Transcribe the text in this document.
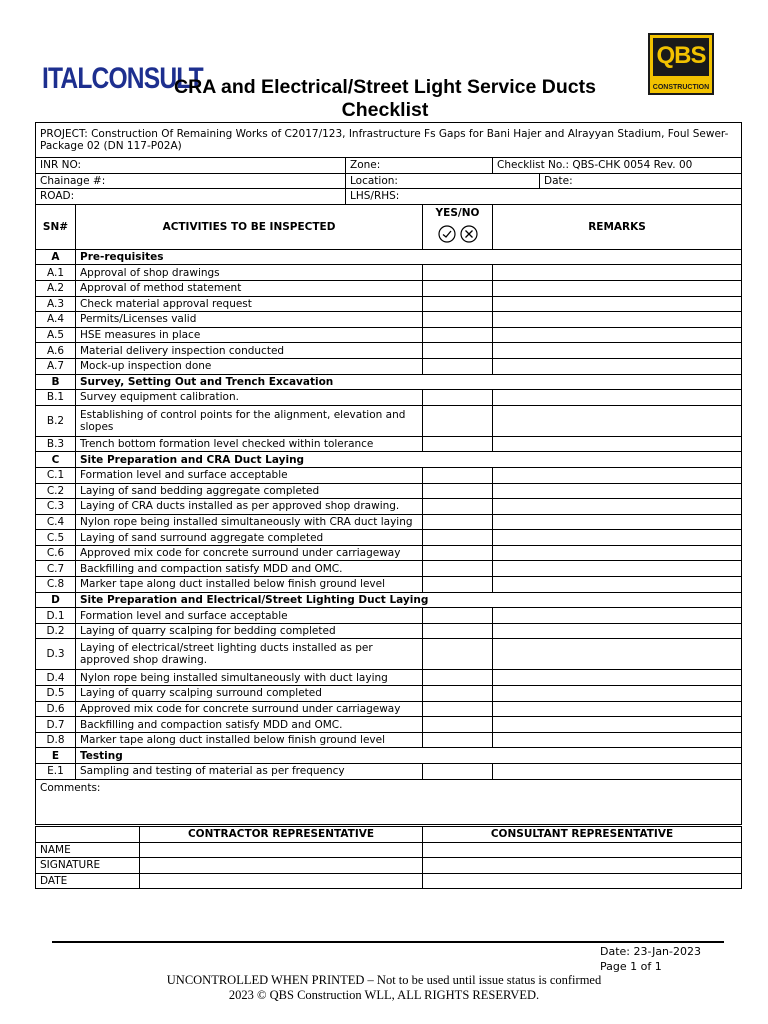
ITALCONSULT
CRA and Electrical/Street Light Service Ducts Checklist
QBS
CONSTRUCTION
PROJECT: Construction Of Remaining Works of C2017/123, Infrastructure Fs Gaps for Bani Hajer and Alrayyan Stadium, Foul Sewer- Package 02 (DN 117-P02A)					
INR NO:		Zone:		Checklist No.: QBS-CHK 0054 Rev. 00	
Chainage #:		Location:			Date:
ROAD:		LHS/RHS:			
SN#	ACTIVITIES TO BE INSPECTED		YES/NO	REMARKS	
A	Pre-requisites				
A.1	Approval of shop drawings				
A.2	Approval of method statement				
A.3	Check material approval request				
A.4	Permits/Licenses valid				
A.5	HSE measures in place				
A.6	Material delivery inspection conducted				
A.7	Mock-up inspection done				
B	Survey, Setting Out and Trench Excavation				
B.1	Survey equipment calibration.				
B.2	Establishing of control points for the alignment, elevation and slopes				
B.3	Trench bottom formation level checked within tolerance				
C	Site Preparation and CRA Duct Laying				
C.1	Formation level and surface acceptable				
C.2	Laying of sand bedding aggregate completed				
C.3	Laying of CRA ducts installed as per approved shop drawing.				
C.4	Nylon rope being installed simultaneously with CRA duct laying				
C.5	Laying of sand surround aggregate completed				
C.6	Approved mix code for concrete surround under carriageway				
C.7	Backfilling and compaction satisfy MDD and OMC.				
C.8	Marker tape along duct installed below finish ground level				
D	Site Preparation and Electrical/Street Lighting Duct Laying				
D.1	Formation level and surface acceptable				
D.2	Laying of quarry scalping for bedding completed				
D.3	Laying of electrical/street lighting ducts installed as per approved shop drawing.				
D.4	Nylon rope being installed simultaneously with duct laying				
D.5	Laying of quarry scalping surround completed				
D.6	Approved mix code for concrete surround under carriageway				
D.7	Backfilling and compaction satisfy MDD and OMC.				
D.8	Marker tape along duct installed below finish ground level				
E	Testing				
E.1	Sampling and testing of material as per frequency				
Comments:					
	CONTRACTOR REPRESENTATIVE	CONSULTANT REPRESENTATIVE
NAME		
SIGNATURE		
DATE		
Date: 23-Jan-2023
Page 1 of 1
UNCONTROLLED WHEN PRINTED – Not to be used until issue status is confirmed
2023 © QBS Construction WLL, ALL RIGHTS RESERVED.
